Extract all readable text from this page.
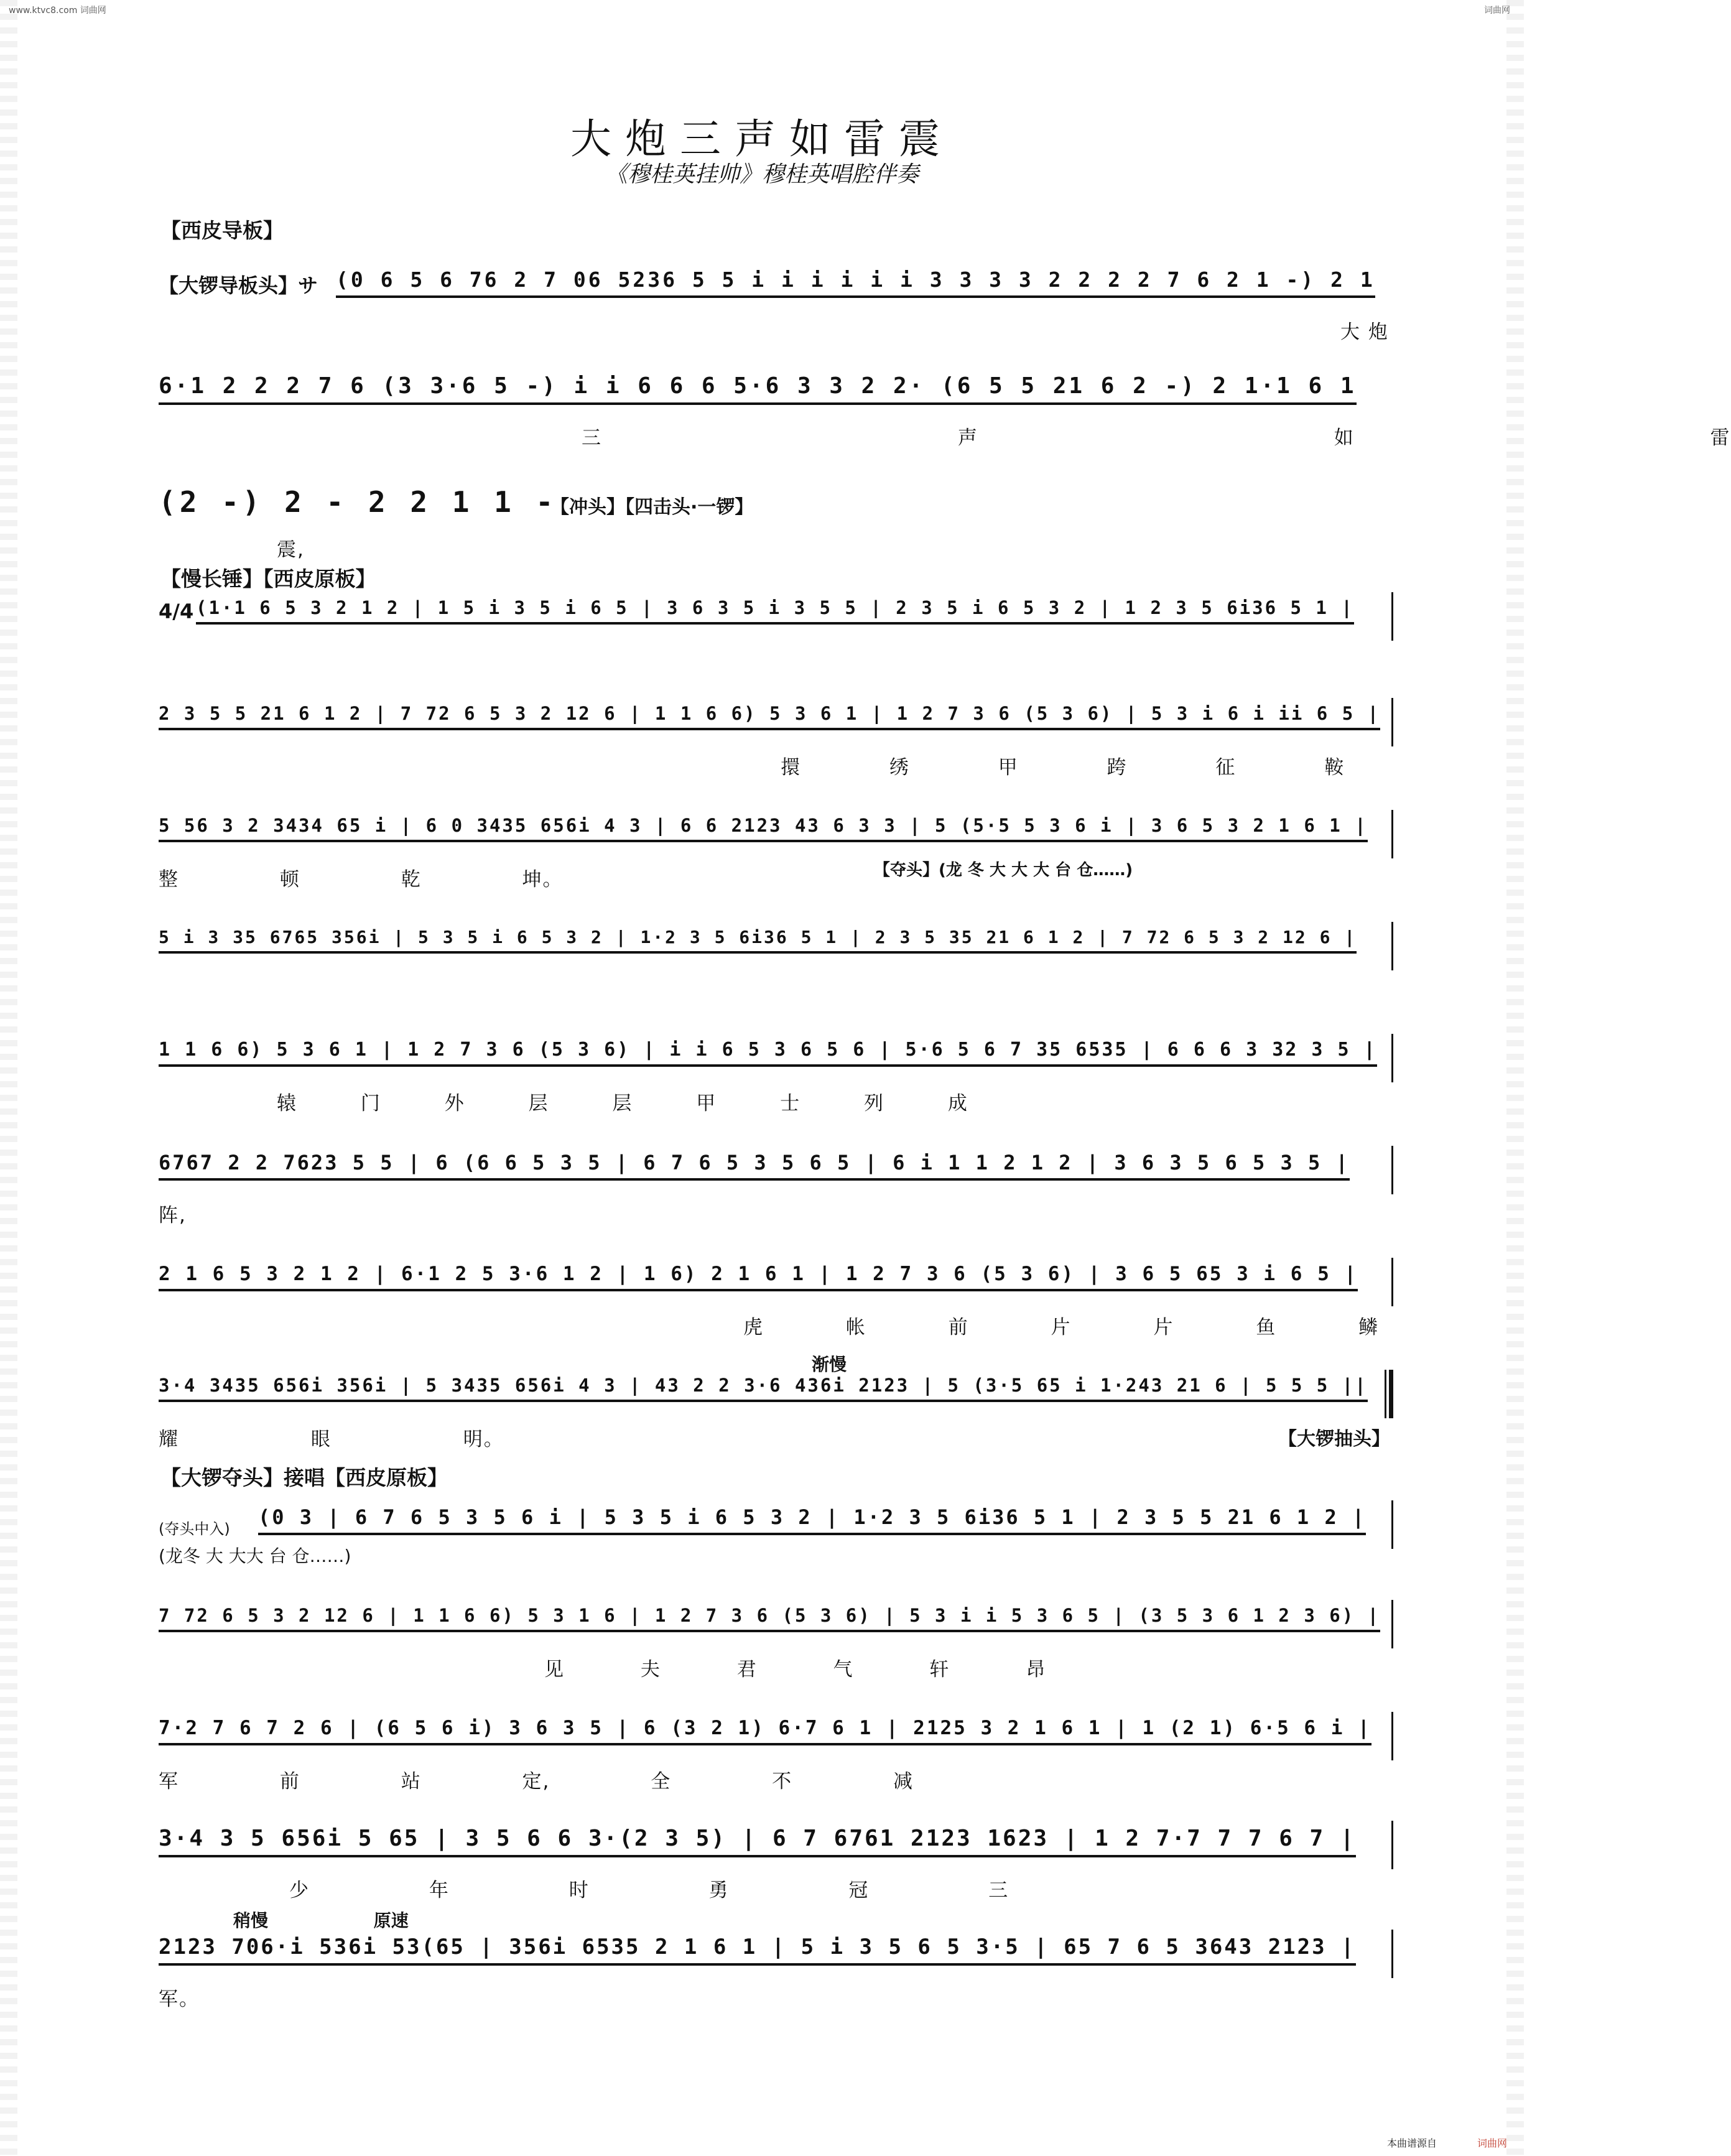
www.ktvc8.com 词曲网	词曲网
大炮三声如雷震
《穆桂英挂帅》穆桂英唱腔伴奏
【西皮导板】
【慢长锤】【西皮原板】
【大锣夺头】接唱【西皮原板】
【大锣导板头】サ (0 6 5 6 76 2 7 06 5236 5 5 i i i i i i 3 3 3 3 2 2 2 2 7 6 2 1 -) 2 1
大 炮
6·1 2 2 2 7 6 (3 3·6 5 -) i i 6 6 6 5·6 3 3 2 2· (6 5 5 21 6 2 -) 2 1·1 6 1
三 声 如 雷
(2 -) 2 - 2 2 1 1 -
震,
【冲头】【四击头·一锣】
4/4 (1·1 6 5 3 2 1 2 | 1 5 i 3 5 i 6 5 | 3 6 3 5 i 3 5 5 | 2 3 5 i 6 5 3 2 | 1 2 3 5 6i36 5 1 |
2 3 5 5 21 6 1 2 | 7 72 6 5 3 2 12 6 | 1 1 6 6) 5 3 6 1 | 1 2 7 3 6 (5 3 6) | 5 3 i 6 i ii 6 5 |
擐 绣 甲 跨 征 鞍
5 56 3 2 3434 65 i | 6 0 3435 656i 4 3 | 6 6 2123 43 6 3 3 | 5 (5·5 5 3 6 i | 3 6 5 3 2 1 6 1 |
整 顿 乾 坤。	【夺头】(龙 冬 大 大 大 台 仓……)
5 i 3 35 6765 356i | 5 3 5 i 6 5 3 2 | 1·2 3 5 6i36 5 1 | 2 3 5 35 21 6 1 2 | 7 72 6 5 3 2 12 6 |
1 1 6 6) 5 3 6 1 | 1 2 7 3 6 (5 3 6) | i i 6 5 3 6 5 6 | 5·6 5 6 7 35 6535 | 6 6 6 3 32 3 5 |
辕 门 外 层 层 甲 士 列 成
6767 2 2 7623 5 5 | 6 (6 6 5 3 5 | 6 7 6 5 3 5 6 5 | 6 i 1 1 2 1 2 | 3 6 3 5 6 5 3 5 |
阵,
2 1 6 5 3 2 1 2 | 6·1 2 5 3·6 1 2 | 1 6) 2 1 6 1 | 1 2 7 3 6 (5 3 6) | 3 6 5 65 3 i 6 5 |
虎 帐 前 片 片 鱼 鳞
渐慢
3·4 3435 656i 356i | 5 3435 656i 4 3 | 43 2 2 3·6 436i 2123 | 5 (3·5 65 i 1·243 21 6 | 5 5 5 ||
耀 眼 明。	【大锣抽头】
(夺头中入) (0 3 | 6 7 6 5 3 5 6 i | 5 3 5 i 6 5 3 2 | 1·2 3 5 6i36 5 1 | 2 3 5 5 21 6 1 2 |
(龙冬 大 大大 台 仓……)
7 72 6 5 3 2 12 6 | 1 1 6 6) 5 3 1 6 | 1 2 7 3 6 (5 3 6) | 5 3 i i 5 3 6 5 | (3 5 3 6 1 2 3 6) |
见 夫 君 气 轩 昂
7·2 7 6 7 2 6 | (6 5 6 i) 3 6 3 5 | 6 (3 2 1) 6·7 6 1 | 2125 3 2 1 6 1 | 1 (2 1) 6·5 6 i |
军 前 站 定, 全 不 减
3·4 3 5 656i 5 65 | 3 5 6 6 3·(2 3 5) | 6 7 6761 2123 1623 | 1 2 7·7 7 7 6 7 |
少 年 时 勇 冠 三
稍慢 原速
2123 706·i 536i 53(65 | 356i 6535 2 1 6 1 | 5 i 3 5 6 5 3·5 | 65 7 6 5 3643 2123 |
军。
本曲谱源自	词曲网
